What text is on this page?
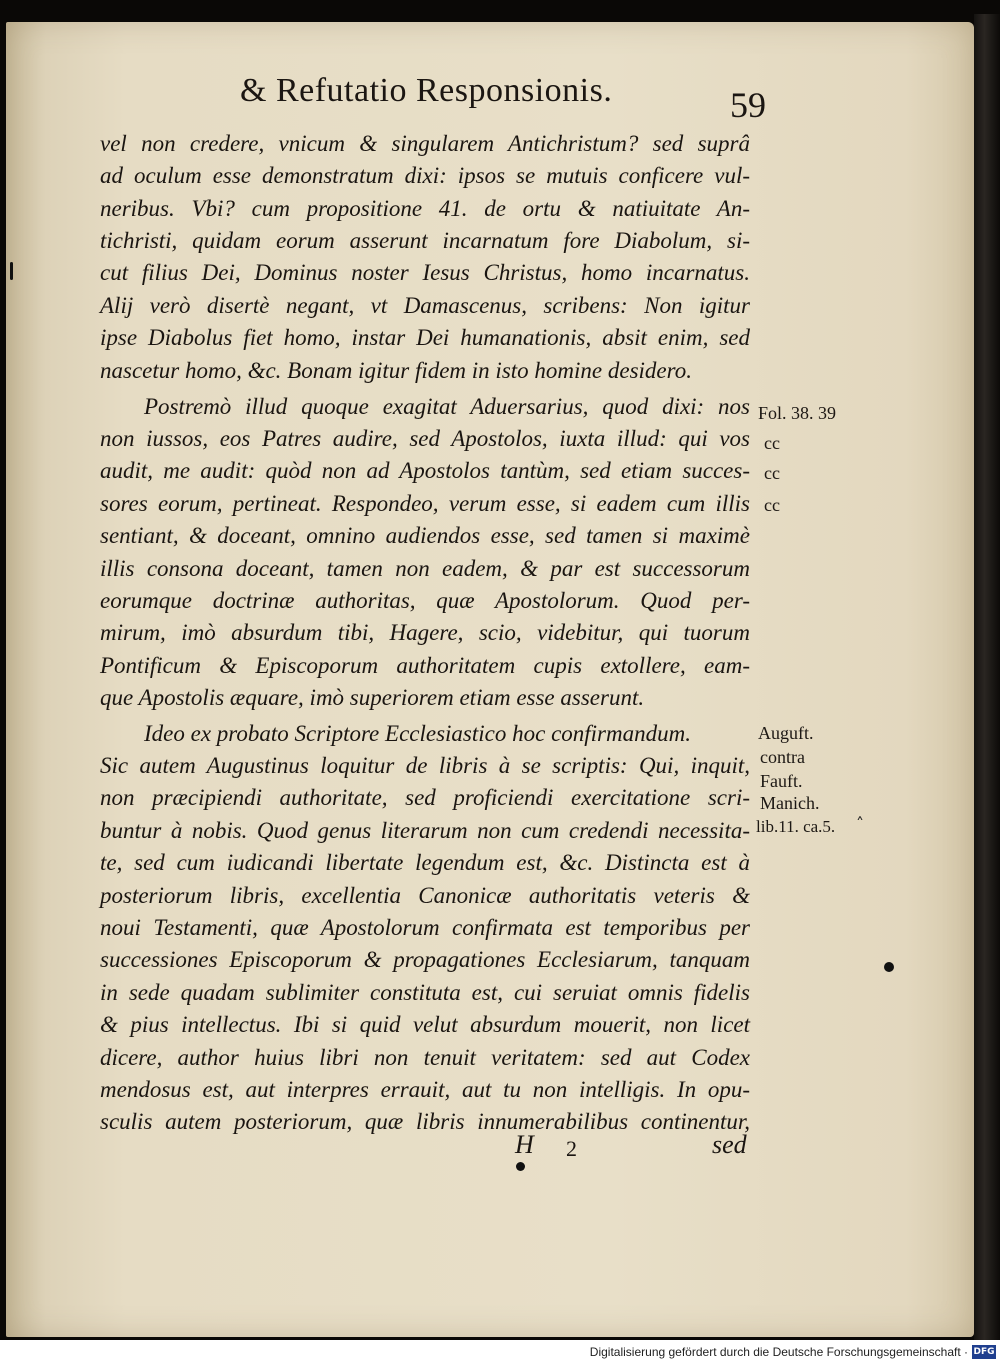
& Refutatio Responsionis.	59
vel non credere, vnicum & singularem Antichristum? sed suprâ
ad oculum esse demonstratum dixi: ipsos se mutuis conficere vul-
neribus. Vbi? cum propositione 41. de ortu & natiuitate An-
tichristi, quidam eorum asserunt incarnatum fore Diabolum, si-
cut filius Dei, Dominus noster Iesus Christus, homo incarnatus.
Alij verò disertè negant, vt Damascenus, scribens: Non igitur
ipse Diabolus fiet homo, instar Dei humanationis, absit enim, sed
nascetur homo, &c. Bonam igitur fidem in isto homine desidero.
Postremò illud quoque exagitat Aduersarius, quod dixi: nos
non iussos, eos Patres audire, sed Apostolos, iuxta illud: qui vos
audit, me audit: quòd non ad Apostolos tantùm, sed etiam succes-
sores eorum, pertineat. Respondeo, verum esse, si eadem cum illis
sentiant, & doceant, omnino audiendos esse, sed tamen si maximè
illis consona doceant, tamen non eadem, & par est successorum
eorumque doctrinæ authoritas, quæ Apostolorum. Quod per-
mirum, imò absurdum tibi, Hagere, scio, videbitur, qui tuorum
Pontificum & Episcoporum authoritatem cupis extollere, eam-
que Apostolis æquare, imò superiorem etiam esse asserunt.
Ideo ex probato Scriptore Ecclesiastico hoc confirmandum.
Sic autem Augustinus loquitur de libris à se scriptis: Qui, inquit,
non præcipiendi authoritate, sed proficiendi exercitatione scri-
buntur à nobis. Quod genus literarum non cum credendi necessita-
te, sed cum iudicandi libertate legendum est, &c. Distincta est à
posteriorum libris, excellentia Canonicæ authoritatis veteris &
noui Testamenti, quæ Apostolorum confirmata est temporibus per
successiones Episcoporum & propagationes Ecclesiarum, tanquam
in sede quadam sublimiter constituta est, cui seruiat omnis fidelis
& pius intellectus. Ibi si quid velut absurdum mouerit, non licet
dicere, author huius libri non tenuit veritatem: sed aut Codex
mendosus est, aut interpres errauit, aut tu non intelligis. In opu-
sculis autem posteriorum, quæ libris innumerabilibus continentur,
Fol. 38. 39
cc
cc
cc
Auguft.
contra
Fauft.
Manich.
lib.11. ca.5.	˄
H 2	sed
Digitalisierung gefördert durch die Deutsche Forschungsgemeinschaft · DFG
